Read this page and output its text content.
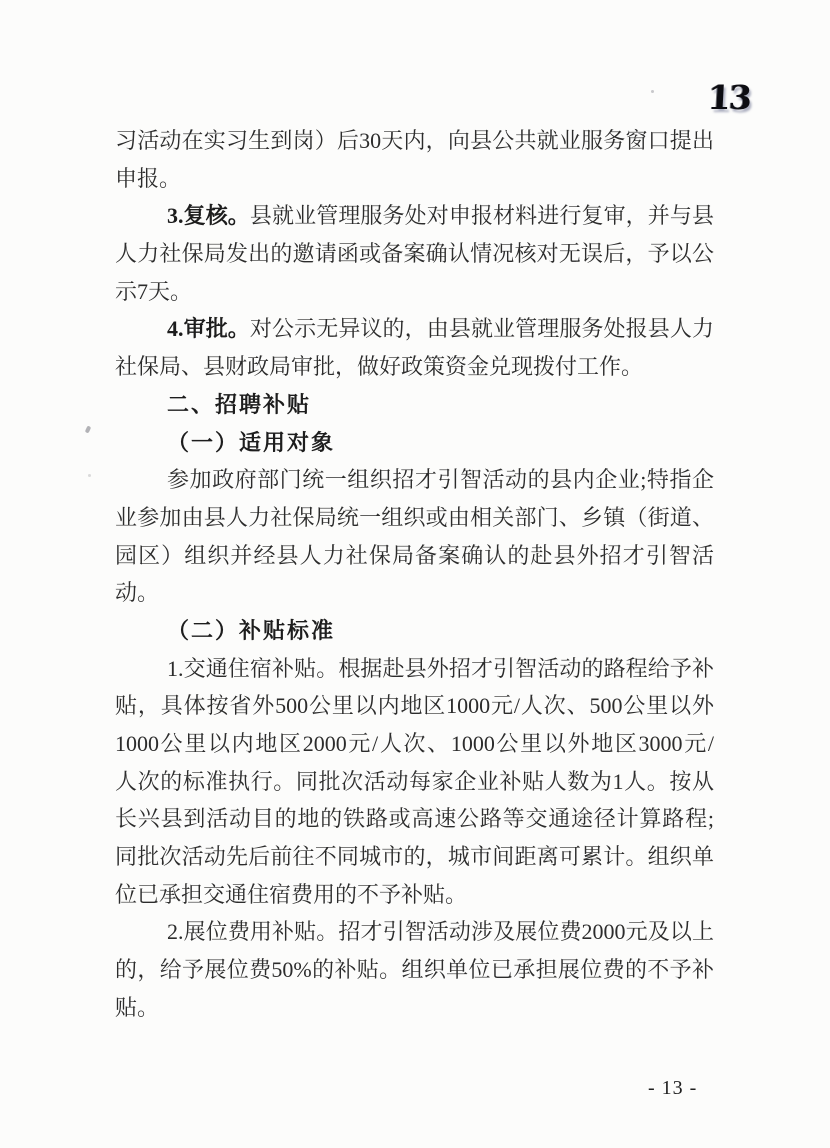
13
习活动在实习生到岗）后30天内，向县公共就业服务窗口提出
申报。
3.复核。县就业管理服务处对申报材料进行复审，并与县
人力社保局发出的邀请函或备案确认情况核对无误后，予以公
示7天。
4.审批。对公示无异议的，由县就业管理服务处报县人力
社保局、县财政局审批，做好政策资金兑现拨付工作。
二、招聘补贴
（一）适用对象
参加政府部门统一组织招才引智活动的县内企业;特指企
业参加由县人力社保局统一组织或由相关部门、乡镇（街道、
园区）组织并经县人力社保局备案确认的赴县外招才引智活
动。
（二）补贴标准
1.交通住宿补贴。根据赴县外招才引智活动的路程给予补
贴，具体按省外500公里以内地区1000元/人次、500公里以外
1000公里以内地区2000元/人次、1000公里以外地区3000元/
人次的标准执行。同批次活动每家企业补贴人数为1人。按从
长兴县到活动目的地的铁路或高速公路等交通途径计算路程;
同批次活动先后前往不同城市的，城市间距离可累计。组织单
位已承担交通住宿费用的不予补贴。
2.展位费用补贴。招才引智活动涉及展位费2000元及以上
的，给予展位费50%的补贴。组织单位已承担展位费的不予补
贴。
- 13 -
